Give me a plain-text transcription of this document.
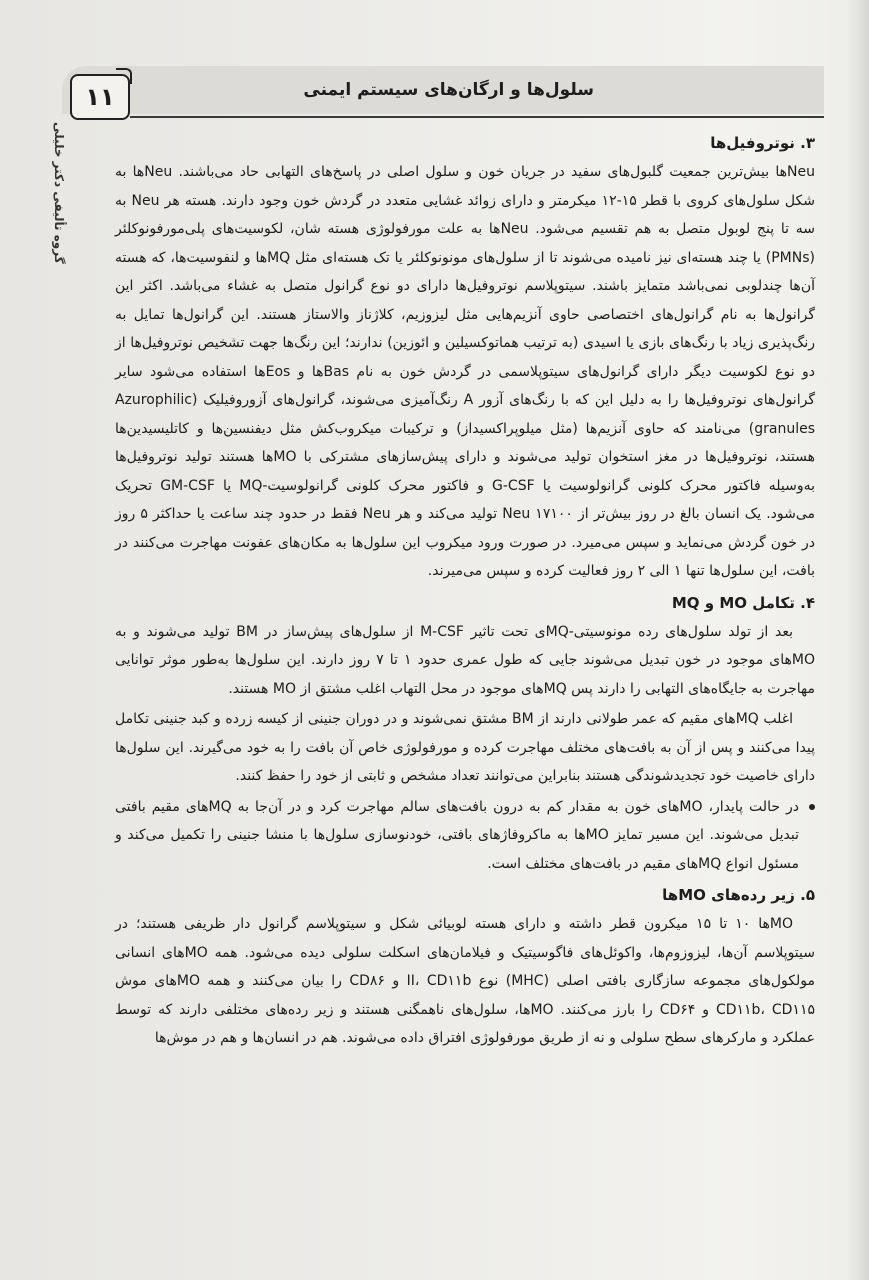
۱۱	سلول‌ها و ارگان‌های سیستم ایمنی
گروه تألیفی دکتر خلیلی	۳. نوتروفیل‌ها

Neuها بیش‌ترین جمعیت گلبول‌های سفید در جریان خون و سلول اصلی در پاسخ‌های التهابی حاد می‌باشند. Neuها به شکل سلول‌های کروی با قطر ۱۵-۱۲ میکرمتر و دارای زوائد غشایی متعدد در گردش خون وجود دارند. هسته هر Neu به سه تا پنج لوبول متصل به هم تقسیم می‌شود. Neuها به علت مورفولوژی هسته شان، لکوسیت‌های پلی‌مورفونوکلئر (PMNs) یا چند هسته‌ای نیز نامیده می‌شوند تا از سلول‌های مونونوکلئر یا تک هسته‌ای مثل MQها و لنفوسیت‌ها، که هسته آن‌ها چندلوبی نمی‌باشد متمایز باشند. سیتوپلاسم نوتروفیل‌ها دارای دو نوع گرانول متصل به غشاء می‌باشد. اکثر این گرانول‌ها به نام گرانول‌های اختصاصی حاوی آنزیم‌هایی مثل لیزوزیم، کلاژناز والاستاز هستند. این گرانول‌ها تمایل به رنگ‌پذیری زیاد با رنگ‌های بازی یا اسیدی (به ترتیب هماتوکسیلین و ائوزین) ندارند؛ این رنگ‌ها جهت تشخیص نوتروفیل‌ها از دو نوع لکوسیت دیگر دارای گرانول‌های سیتوپلاسمی در گردش خون به نام Basها و Eosها استفاده می‌شود سایر گرانول‌های نوتروفیل‌ها را به دلیل این که با رنگ‌های آزور A رنگ‌آمیزی می‌شوند، گرانول‌های آزوروفیلیک (Azurophilic granules) می‌نامند که حاوی آنزیم‌ها (مثل میلوپراکسیداز) و ترکیبات میکروب‌کش مثل دیفنسین‌ها و کاتلیسیدین‌ها هستند، نوتروفیل‌ها در مغز استخوان تولید می‌شوند و دارای پیش‌سازهای مشترکی با MOها هستند تولید نوتروفیل‌ها به‌وسیله فاکتور محرک کلونی گرانولوسیت یا G-CSF و فاکتور محرک کلونی گرانولوسیت-MQ یا GM-CSF تحریک می‌شود. یک انسان بالغ در روز بیش‌تر از ۱۷۱۰۰ Neu تولید می‌کند و هر Neu فقط در حدود چند ساعت یا حداکثر ۵ روز در خون گردش می‌نماید و سپس می‌میرد. در صورت ورود میکروب این سلول‌ها به مکان‌های عفونت مهاجرت می‌کنند در بافت، این سلول‌ها تنها ۱ الی ۲ روز فعالیت کرده و سپس می‌میرند.

۴. تکامل MO و MQ

بعد از تولد سلول‌های رده مونوسیتی-MQی تحت تاثیر M-CSF از سلول‌های پیش‌ساز در BM تولید می‌شوند و به MOهای موجود در خون تبدیل می‌شوند جایی که طول عمری حدود ۱ تا ۷ روز دارند. این سلول‌ها به‌طور موثر توانایی مهاجرت به جایگاه‌های التهابی را دارند پس MQهای موجود در محل التهاب اغلب مشتق از MO هستند.

اغلب MQهای مقیم که عمر طولانی دارند از BM مشتق نمی‌شوند و در دوران جنینی از کیسه زرده و کبد جنینی تکامل پیدا می‌کنند و پس از آن به بافت‌های مختلف مهاجرت کرده و مورفولوژی خاص آن بافت را به خود می‌گیرند. این سلول‌ها دارای خاصیت خود تجدیدشوندگی هستند بنابراین می‌توانند تعداد مشخص و ثابتی از خود را حفظ کنند.

در حالت پایدار، MOهای خون به مقدار کم به درون بافت‌های سالم مهاجرت کرد و در آن‌جا به MQهای مقیم بافتی تبدیل می‌شوند. این مسیر تمایز MOها به ماکروفاژهای بافتی، خودنوسازی سلول‌ها با منشا جنینی را تکمیل می‌کند و مسئول انواع MQهای مقیم در بافت‌های مختلف است.
۵. زیر رده‌های MOها

MOها ۱۰ تا ۱۵ میکرون قطر داشته و دارای هسته لوبیائی شکل و سیتوپلاسم گرانول دار ظریفی هستند؛ در سیتوپلاسم آن‌ها، لیزوزوم‌ها، واکوئل‌های فاگوسیتیک و فیلامان‌های اسکلت سلولی دیده می‌شود. همه MOهای انسانی مولکول‌های مجموعه سازگاری بافتی اصلی (MHC) نوع II، CD۱۱b و CD۸۶ را بیان می‌کنند و همه MOهای موش CD۱۱b، CD۱۱۵ و CD۶۴ را بارز می‌کنند. MOها، سلول‌های ناهمگنی هستند و زیر رده‌های مختلفی دارند که توسط عملکرد و مارکرهای سطح سلولی و نه از طریق مورفولوژی افتراق داده می‌شوند. هم در انسان‌ها و هم در موش‌ها
